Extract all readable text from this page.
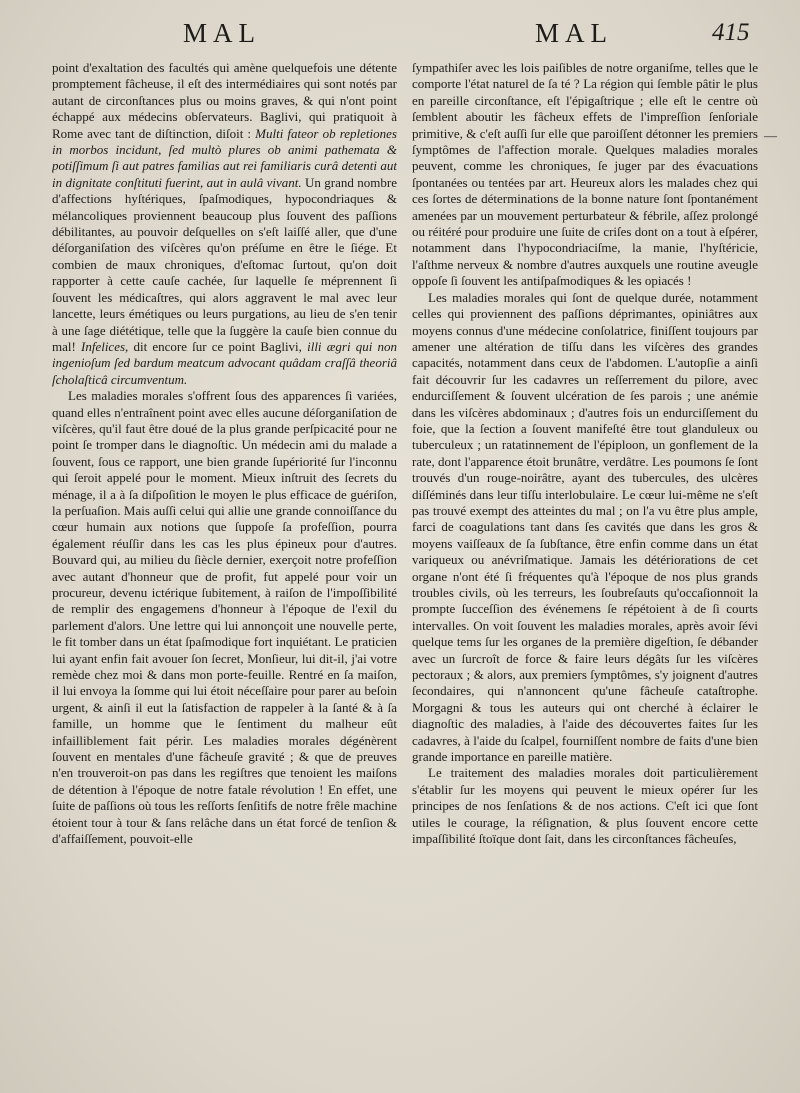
MAL	MAL	415

point d'exaltation des facultés qui amène quelquefois une détente promptement fâcheuse, il eſt des intermédiaires qui sont notés par autant de circonſtances plus ou moins graves, & qui n'ont point échappé aux médecins obſervateurs. Baglivi, qui pratiquoit à Rome avec tant de diſtinction, diſoit : Multi fateor ob repletiones in morbos incidunt, ſed multò plures ob animi pathemata & potiſſimum ſi aut patres familias aut rei familiaris curâ detenti aut in dignitate conſtituti fuerint, aut in aulâ vivant. Un grand nombre d'affections hyſtériques, ſpaſmodiques, hypocondriaques & mélancoliques proviennent beaucoup plus ſouvent des paſſions débilitantes, au pouvoir deſquelles on s'eſt laiſſé aller, que d'une déſorganiſation des viſcères qu'on préſume en être le ſiége. Et combien de maux chroniques, d'eſtomac ſurtout, qu'on doit rapporter à cette cauſe cachée, ſur laquelle ſe méprennent ſi ſouvent les médicaſtres, qui alors aggravent le mal avec leur lancette, leurs émétiques ou leurs purgations, au lieu de s'en tenir à une ſage diététique, telle que la ſuggère la cauſe bien connue du mal! Infelices, dit encore ſur ce point Baglivi, illi ægri qui non ingenioſum ſed bardum meatcum advocant quâdam craſſâ theoriâ ſcholaſticâ circumventum.

Les maladies morales s'offrent ſous des apparences ſi variées, quand elles n'entraînent point avec elles aucune déſorganiſation de viſcères, qu'il faut être doué de la plus grande perſpicacité pour ne point ſe tromper dans le diagnoſtic. Un médecin ami du malade a ſouvent, ſous ce rapport, une bien grande ſupériorité ſur l'inconnu qui ſeroit appelé pour le moment. Mieux inſtruit des ſecrets du ménage, il a à ſa diſpoſition le moyen le plus efficace de guériſon, la perſuaſion. Mais auſſi celui qui allie une grande connoiſſance du cœur humain aux notions que ſuppoſe ſa profeſſion, pourra également réuſſir dans les cas les plus épineux pour d'autres. Bouvard qui, au milieu du ſiècle dernier, exerçoit notre profeſſion avec autant d'honneur que de profit, fut appelé pour voir un procureur, devenu ictérique ſubitement, à raiſon de l'impoſſibilité de remplir des engagemens d'honneur à l'époque de l'exil du parlement d'alors. Une lettre qui lui annonçoit une nouvelle perte, le fit tomber dans un état ſpaſmodique fort inquiétant. Le praticien lui ayant enfin fait avouer ſon ſecret, Monſieur, lui dit-il, j'ai votre remède chez moi & dans mon porte-feuille. Rentré en ſa maiſon, il lui envoya la ſomme qui lui étoit néceſſaire pour parer au beſoin urgent, & ainſi il eut la ſatisfaction de rappeler à la ſanté & à ſa famille, un homme que le ſentiment du malheur eût infailliblement fait périr. Les maladies morales dégénèrent ſouvent en mentales d'une fâcheuſe gravité ; & que de preuves n'en trouveroit-on pas dans les regiſtres que tenoient les maiſons de détention à l'époque de notre fatale révolution ! En effet, une ſuite de paſſions où tous les reſſorts ſenſitifs de notre frêle machine étoient tour à tour & ſans relâche dans un état forcé de tenſion & d'affaiſſement, pouvoit-elle

ſympathiſer avec les lois paiſibles de notre organiſme, telles que le comporte l'état naturel de ſa té ? La région qui ſemble pâtir le plus en pareille circonſtance, eſt l'épigaſtrique ; elle eſt le centre où ſemblent aboutir les fâcheux effets de l'impreſſion ſenſoriale primitive, & c'eſt auſſi ſur elle que paroiſſent détonner les premiers ſymptômes de l'affection morale. Quelques maladies morales peuvent, comme les chroniques, ſe juger par des évacuations ſpontanées ou tentées par art. Heureux alors les malades chez qui ces ſortes de déterminations de la bonne nature ſont ſpontanément amenées par un mouvement perturbateur & fébrile, aſſez prolongé ou réitéré pour produire une ſuite de criſes dont on a tout à eſpérer, notamment dans l'hypocondriaciſme, la manie, l'hyſtéricie, l'aſthme nerveux & nombre d'autres auxquels une routine aveugle oppoſe ſi ſouvent les antiſpaſmodiques & les opiacés !

Les maladies morales qui ſont de quelque durée, notamment celles qui proviennent des paſſions déprimantes, opiniâtres aux moyens connus d'une médecine conſolatrice, finiſſent toujours par amener une altération de tiſſu dans les viſcères des grandes capacités, notamment dans ceux de l'abdomen. L'autopſie a ainſi fait découvrir ſur les cadavres un reſſerrement du pilore, avec endurciſſement & ſouvent ulcération de ſes parois ; une anémie dans les viſcères abdominaux ; d'autres fois un endurciſſement du foie, que la ſection a ſouvent manifeſté être tout glanduleux ou tuberculeux ; un ratatinnement de l'épiploon, un gonflement de la rate, dont l'apparence étoit brunâtre, verdâtre. Les poumons ſe ſont trouvés d'un rouge-noirâtre, ayant des tubercules, des ulcères diſſéminés dans leur tiſſu interlobulaire. Le cœur lui-même ne s'eſt pas trouvé exempt des atteintes du mal ; on l'a vu être plus ample, farci de coagulations tant dans ſes cavités que dans les gros & moyens vaiſſeaux de ſa ſubſtance, être enfin comme dans un état variqueux ou anévriſmatique. Jamais les détériorations de cet organe n'ont été ſi fréquentes qu'à l'époque de nos plus grands troubles civils, où les terreurs, les ſoubreſauts qu'occaſionnoit la prompte ſucceſſion des événemens ſe répétoient à de ſi courts intervalles. On voit ſouvent les maladies morales, après avoir ſévi quelque tems ſur les organes de la première digeſtion, ſe débander avec un ſurcroît de force & faire leurs dégâts ſur les viſcères pectoraux ; & alors, aux premiers ſymptômes, s'y joignent d'autres ſecondaires, qui n'annoncent qu'une fâcheuſe cataſtrophe. Morgagni & tous les auteurs qui ont cherché à éclairer le diagnoſtic des maladies, à l'aide des découvertes faites ſur les cadavres, à l'aide du ſcalpel, fourniſſent nombre de faits d'une bien grande importance en pareille matière.

Le traitement des maladies morales doit particulièrement s'établir ſur les moyens qui peuvent le mieux opérer ſur les principes de nos ſenſations & de nos actions. C'eſt ici que ſont utiles le courage, la réſignation, & plus ſouvent encore cette impaſſibilité ſtoïque dont ſait, dans les circonſtances fâcheuſes,

—
